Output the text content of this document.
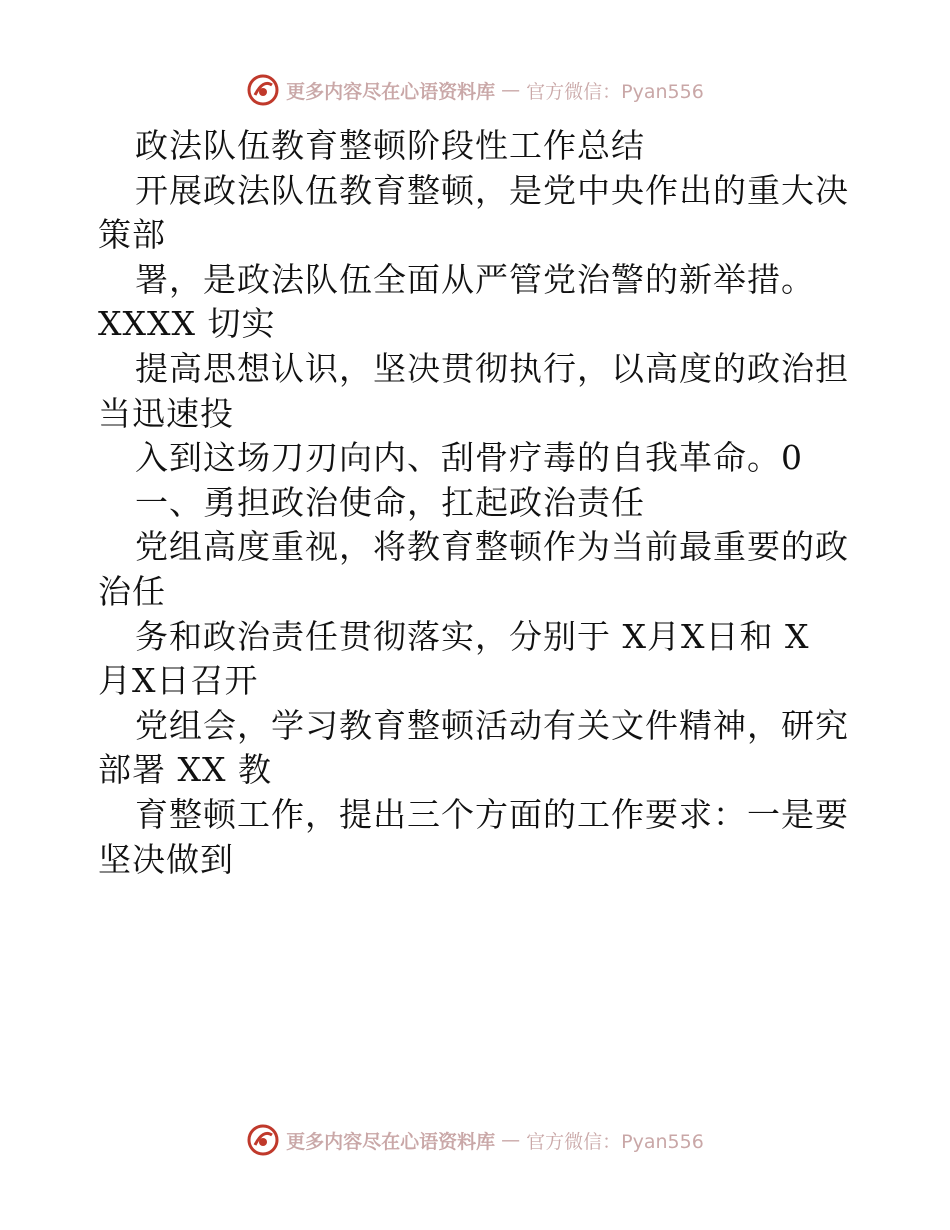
更多内容尽在心语资料库 — 官方微信：Pyan556
政法队伍教育整顿阶段性工作总结
开展政法队伍教育整顿，是党中央作出的重大决
策部
署，是政法队伍全面从严管党治警的新举措。
XXXX 切实
提高思想认识，坚决贯彻执行，以高度的政治担
当迅速投
入到这场刀刃向内、刮骨疗毒的自我革命。0
一、勇担政治使命，扛起政治责任
党组高度重视，将教育整顿作为当前最重要的政
治任
务和政治责任贯彻落实，分别于 X月X日和 X
月X日召开
党组会，学习教育整顿活动有关文件精神，研究
部署 XX 教
育整顿工作，提出三个方面的工作要求：一是要
坚决做到
更多内容尽在心语资料库 — 官方微信：Pyan556
